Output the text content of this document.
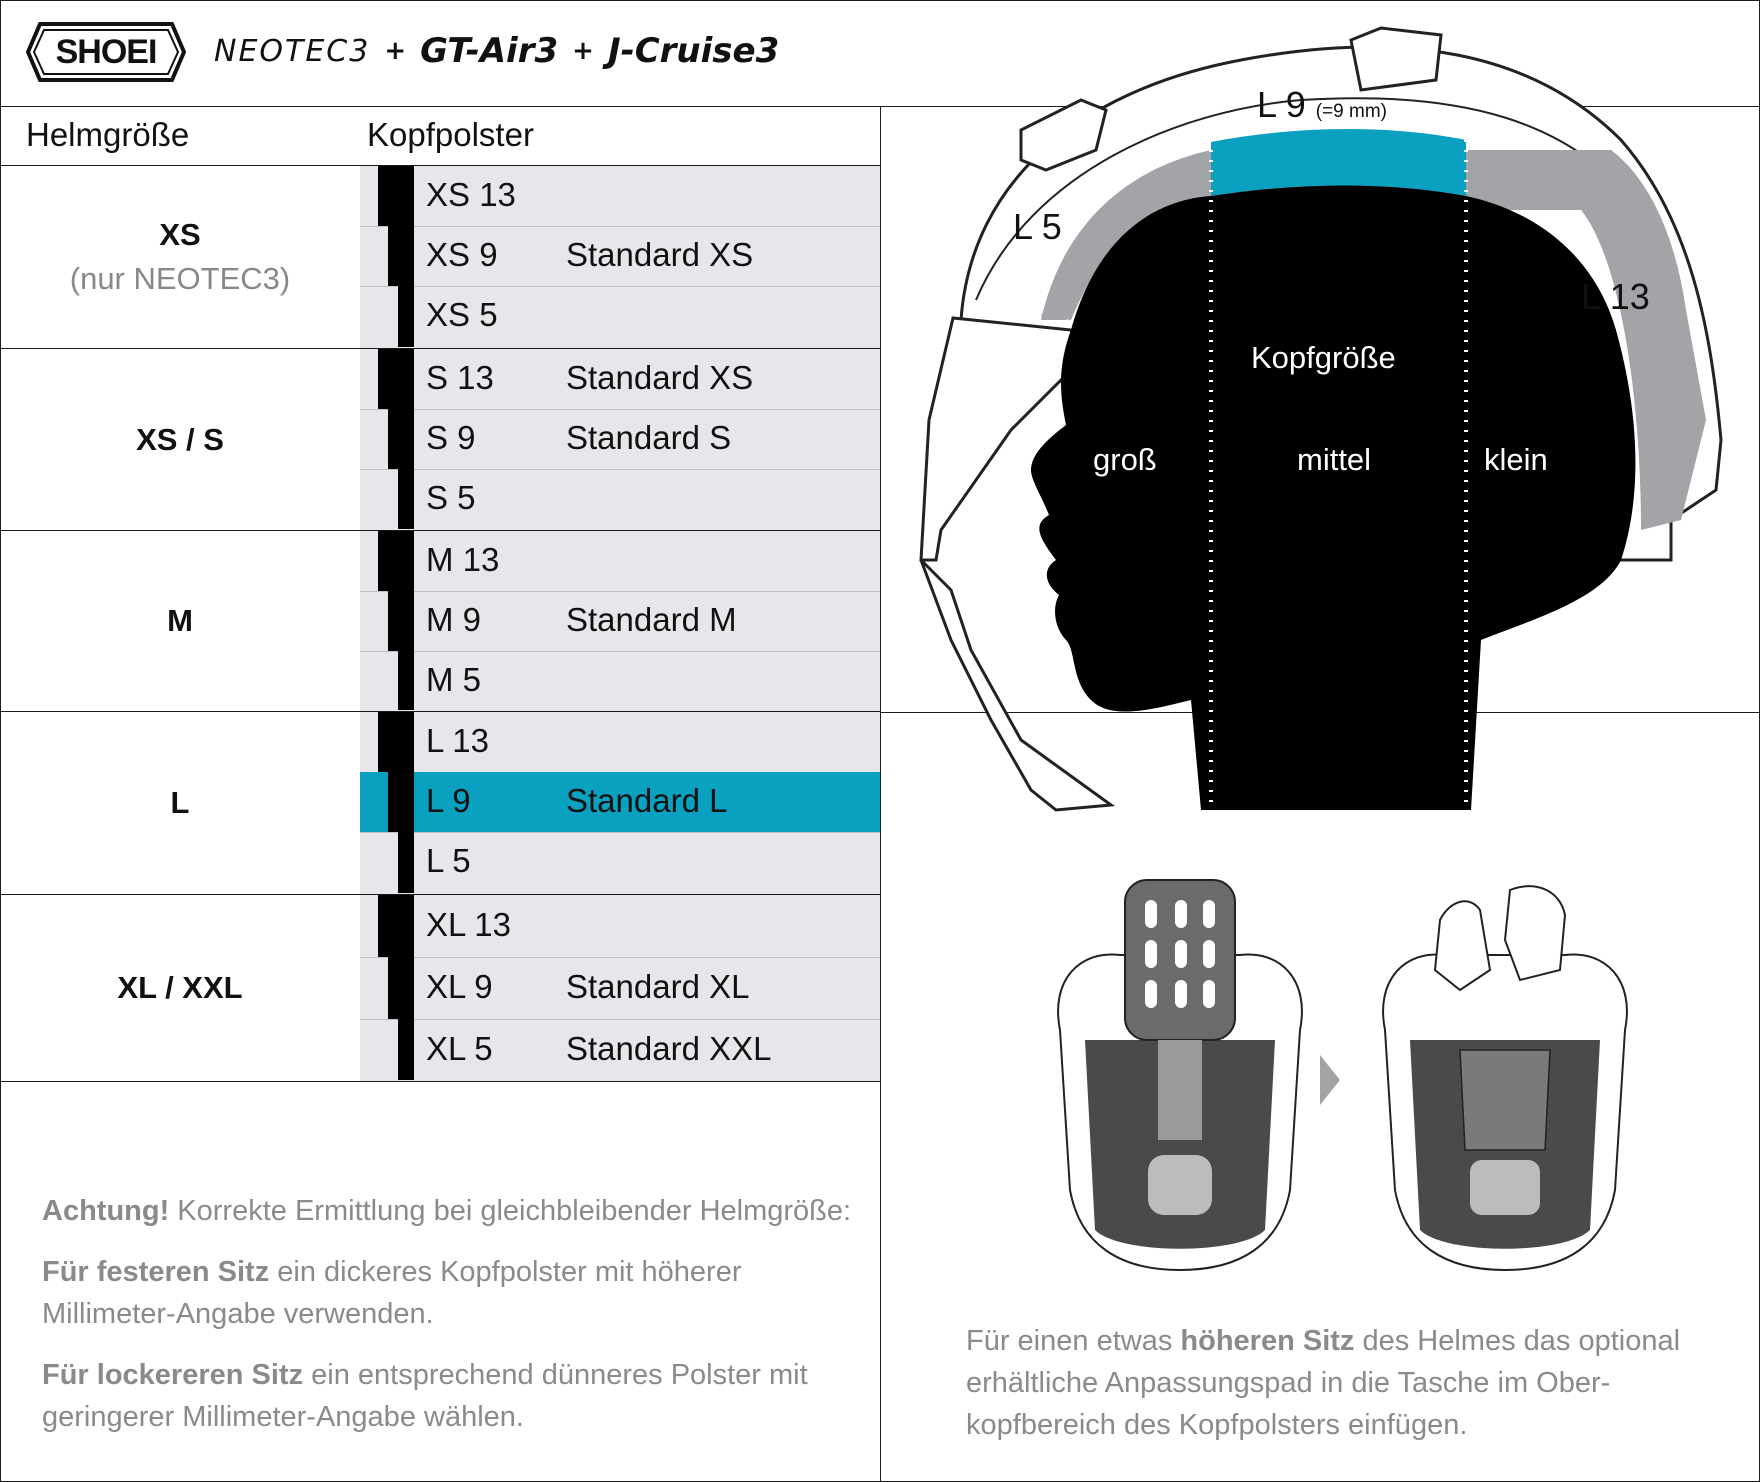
SHOEI	NEOTEC3 + GT-Air3 + J-Cruise3
Helmgröße	Kopfpolster
XS
(nur NEOTEC3)
XS 13
XS 9 Standard XS
XS 5
XS / S
S 13 Standard XS
S 9	Standard S
S 5
M
M 13
M 9	Standard M
M 5
L
L 13
L 9	Standard L
L 5
XL / XXL
XL 13
XL 9 Standard XL
XL 5 Standard XXL
L 9 (=9 mm)
L 5
L 13
Kopfgröße
groß	mittel	klein

Achtung! Korrekte Ermittlung bei gleichbleibender Helmgröße:

Für festeren Sitz ein dickeres Kopfpolster mit höherer Millimeter-Angabe verwenden.

Für lockereren Sitz ein entsprechend dünneres Polster mit geringerer Millimeter-Angabe wählen.

Für einen etwas höheren Sitz des Helmes das optional erhältliche Anpassungspad in die Tasche im Ober-kopfbereich des Kopfpolsters einfügen.
